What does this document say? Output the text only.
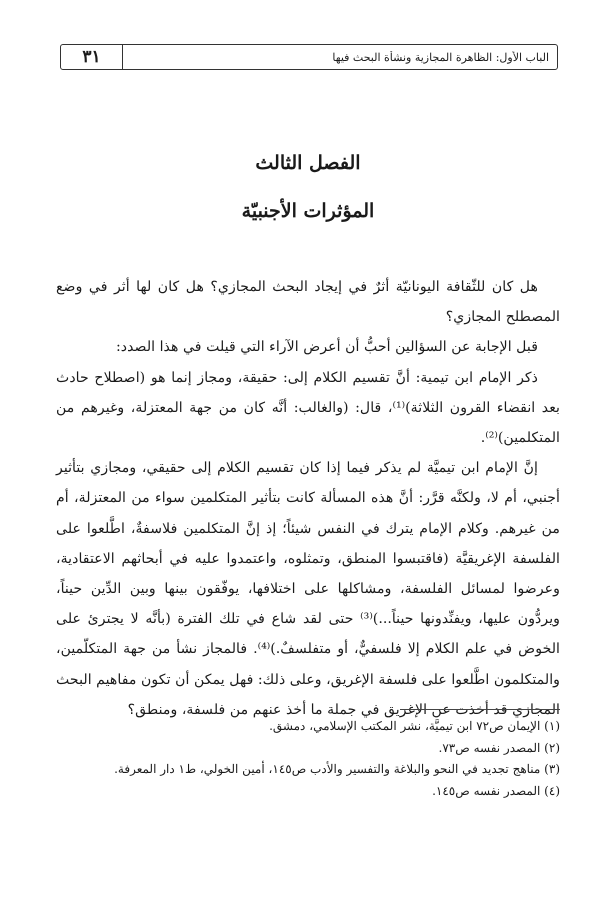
الباب الأول: الظاهرة المجازية ونشأة البحث فيها
٣١
الفصل الثالث
المؤثرات الأجنبيّة

هل كان للثّقافة اليونانيّة أثرٌ في إيجاد البحث المجازي؟ هل كان لها أثر في وضع المصطلح المجازي؟

قبل الإجابة عن السؤالين أحبُّ أن أعرض الآراء التي قيلت في هذا الصدد:

ذكر الإمام ابن تيمية: أنَّ تقسيم الكلام إلى: حقيقة، ومجاز إنما هو (اصطلاح حادث بعد انقضاء القرون الثلاثة)⁽¹⁾، قال: (والغالب: أنَّه كان من جهة المعتزلة، وغيرهم من المتكلمين)⁽²⁾.

إنَّ الإمام ابن تيميَّة لم يذكر فيما إذا كان تقسيم الكلام إلى حقيقي، ومجازي بتأثير أجنبي، أم لا، ولكنَّه قرَّر: أنَّ هذه المسألة كانت بتأثير المتكلمين سواء من المعتزلة، أم من غيرهم. وكلام الإمام يترك في النفس شيئاً؛ إذ إنَّ المتكلمين فلاسفةٌ، اطَّلعوا على الفلسفة الإغريقيَّة (فاقتبسوا المنطق، وتمثلوه، واعتمدوا عليه في أبحاثهم الاعتقادية، وعرضوا لمسائل الفلسفة، ومشاكلها على اختلافها، يوفّقون بينها وبين الدِّين حيناً، ويردُّون عليها، ويفنِّدونها حيناً...)⁽³⁾ حتى لقد شاع في تلك الفترة (بأنَّه لا يجترئ على الخوض في علم الكلام إلا فلسفيٌّ، أو متفلسفٌ.)⁽⁴⁾. فالمجاز نشأ من جهة المتكلّمين، والمتكلمون اطَّلعوا على فلسفة الإغريق، وعلى ذلك: فهل يمكن أن تكون مفاهيم البحث المجازي قد أخذت عن الإغريق في جملة ما أخذ عنهم من فلسفة، ومنطق؟

(١) الإيمان ص٧٢ ابن تيميَّة، نشر المكتب الإسلامي، دمشق.
(٢) المصدر نفسه ص٧٣.
(٣) مناهج تجديد في النحو والبلاغة والتفسير والأدب ص١٤٥، أمين الخولي، ط١ دار المعرفة.
(٤) المصدر نفسه ص١٤٥.
